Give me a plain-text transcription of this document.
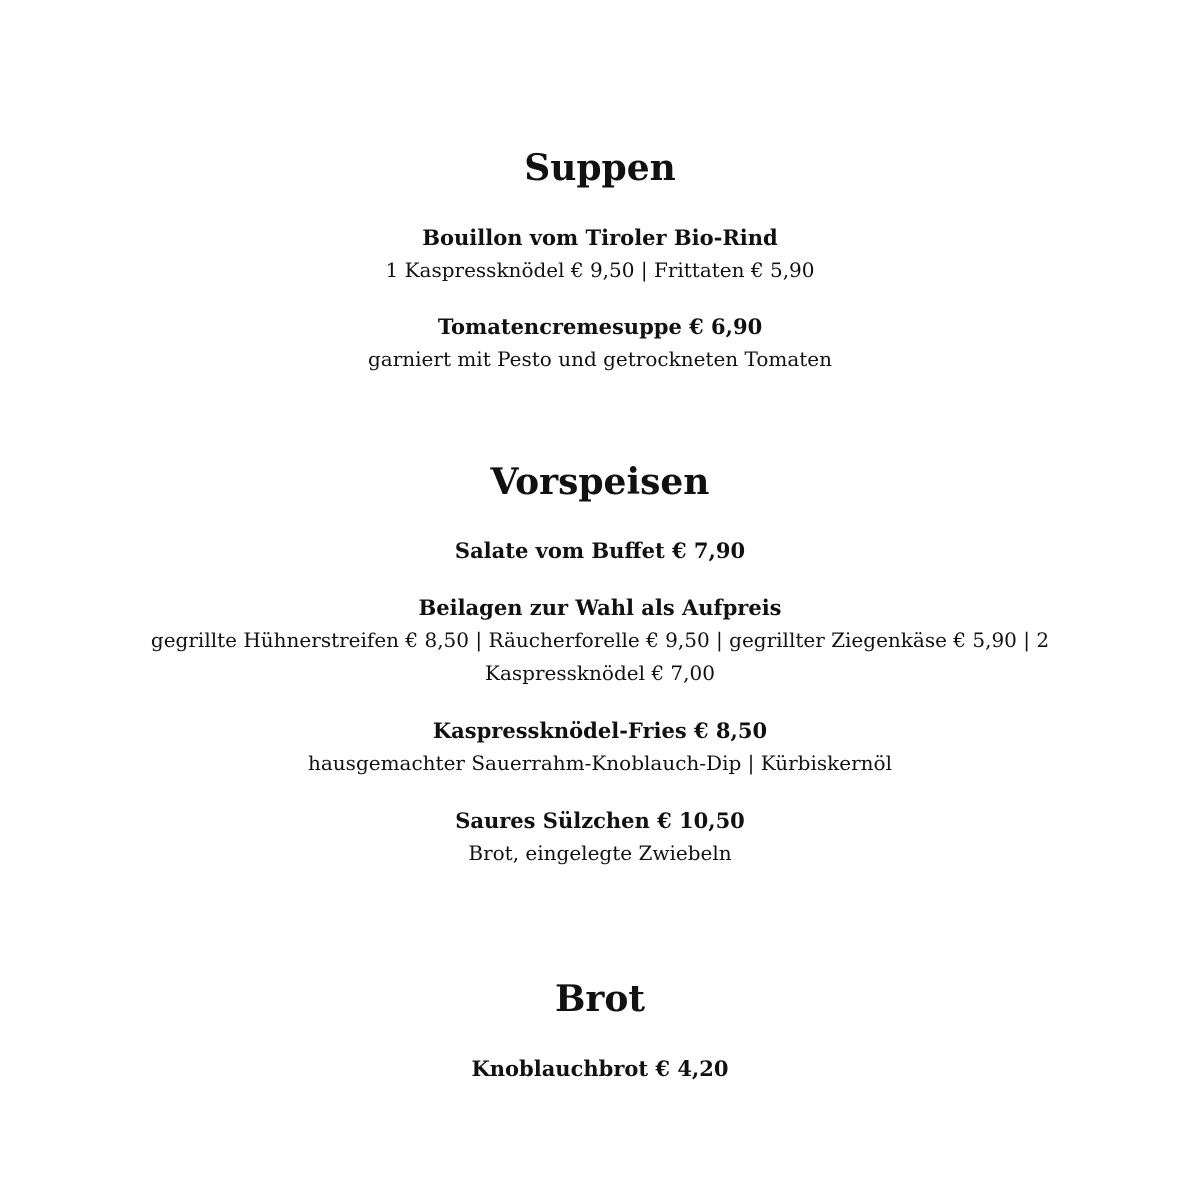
Suppen

Bouillon vom Tiroler Bio-Rind

1 Kaspressknödel € 9,50 | Frittaten € 5,90

Tomatencremesuppe € 6,90

garniert mit Pesto und getrockneten Tomaten

Vorspeisen

Salate vom Buffet € 7,90

Beilagen zur Wahl als Aufpreis

gegrillte Hühnerstreifen € 8,50 | Räucherforelle € 9,50 | gegrillter Ziegenkäse € 5,90 | 2 Kaspressknödel € 7,00

Kaspressknödel-Fries € 8,50

hausgemachter Sauerrahm-Knoblauch-Dip | Kürbiskernöl

Saures Sülzchen € 10,50

Brot, eingelegte Zwiebeln

Brot

Knoblauchbrot € 4,20
